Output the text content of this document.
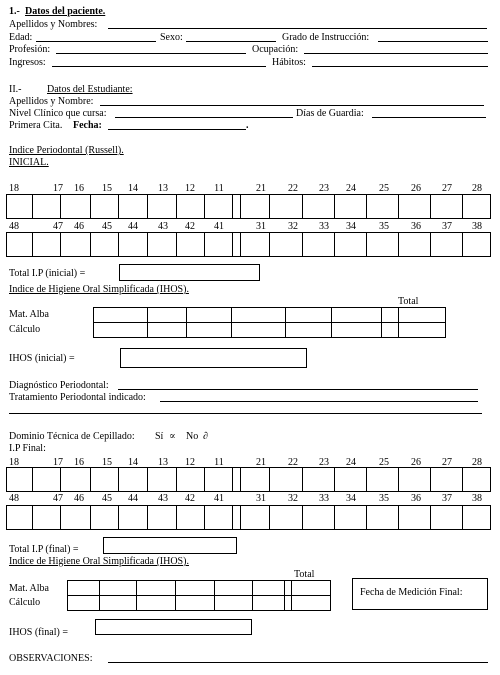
1.- Datos del paciente.
Apellidos y Nombres:
Edad:	Sexo:	Grado de Instrucción:
Profesión:	Ocupación:
Ingresos:	Hábitos:
II.-	Datos del Estudiante:
Apellidos y Nombre:
Nivel Clínico que cursa:	Días de Guardia:
Primera Cita. Fecha:	.
Indice Periodontal (Russell).
INICIAL.
18	17	16	15	14	13	12	11	21	22	23	24	25	26	27	28
48	47	46	45	44	43	42	41	31	32	33	34	35	36	37	38
Total I.P (inicial) =
Indice de Higiene Oral Simplificada (IHOS).
Total
Mat. Alba
Cálculo
IHOS (inicial) =
Diagnóstico Periodontal:
Tratamiento Periodontal indicado:
Dominio Técnica de Cepillado: Sí ∝ No ∂
I.P Final:
18	17	16	15	14	13	12	11	21	22	23	24	25	26	27	28
48	47	46	45	44	43	42	41	31	32	33	34	35	36	37	38
Total I.P (final) =
Indice de Higiene Oral Simplificada (IHOS).
Total
Mat. Alba
Cálculo
Fecha de Medición Final:
IHOS (final) =
OBSERVACIONES:
